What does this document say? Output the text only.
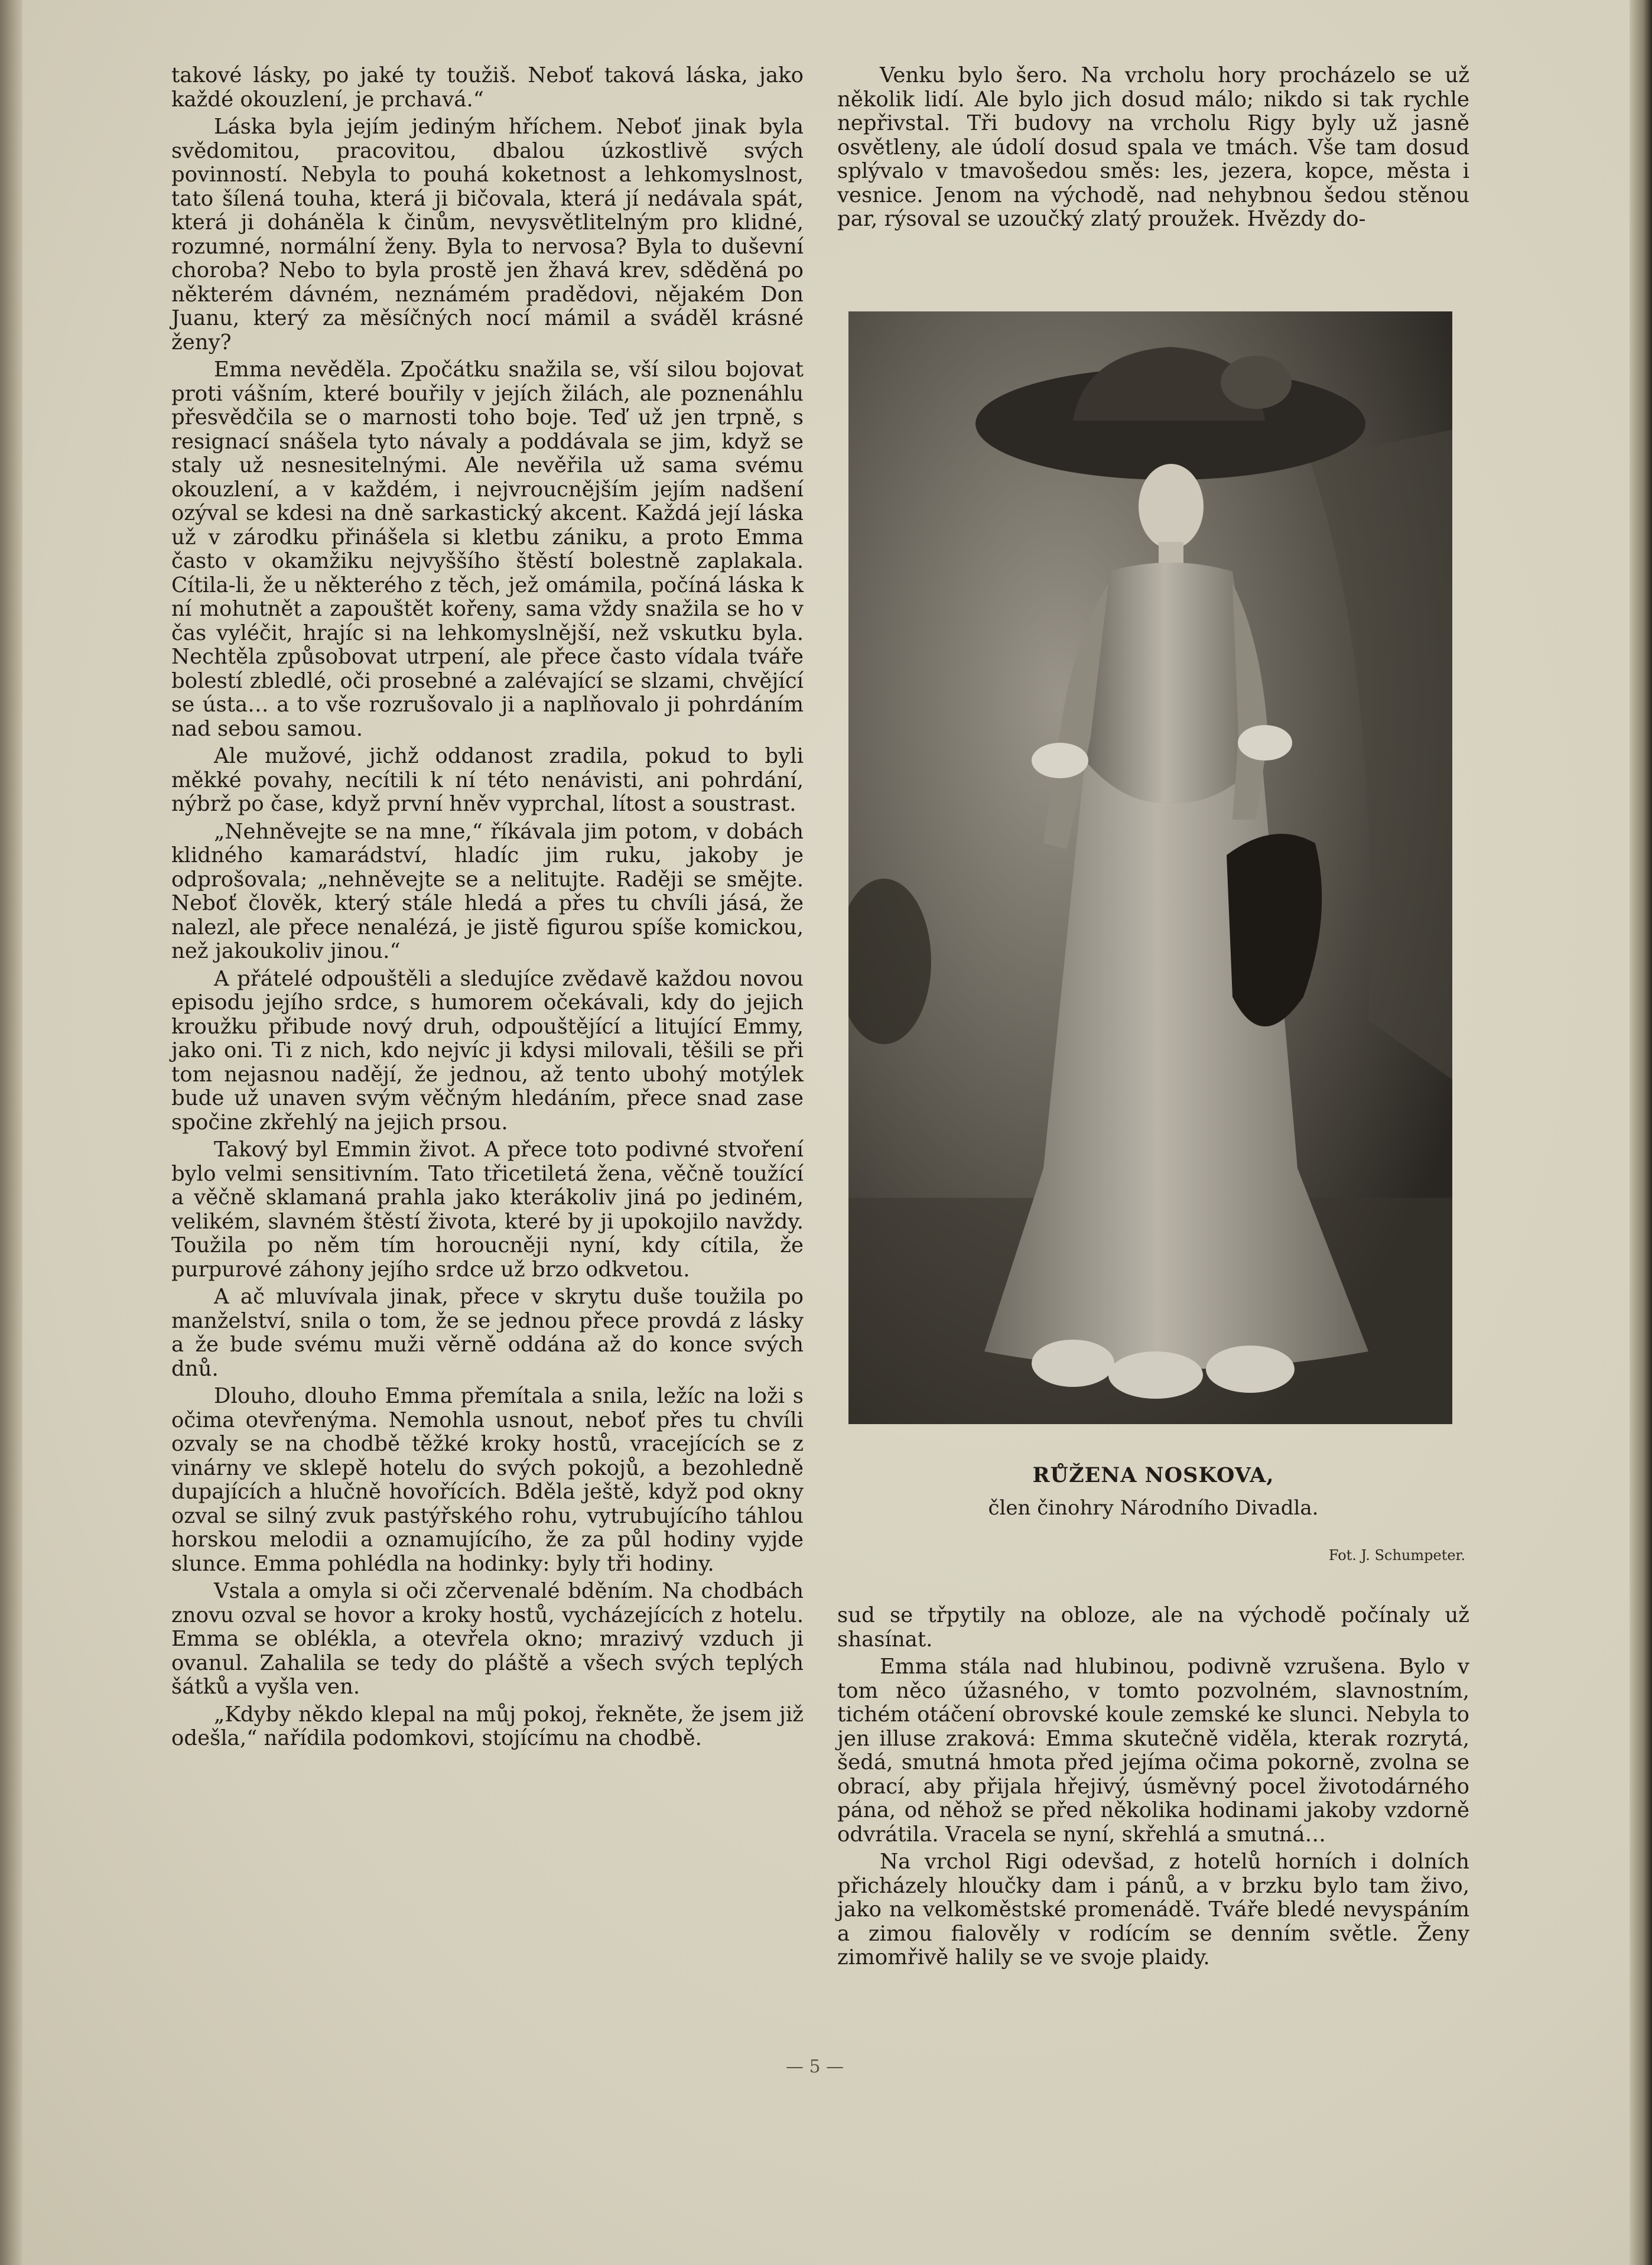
takové lásky, po jaké ty toužiš. Neboť taková láska, jako každé okouzlení, je prchavá.“

Láska byla jejím jediným hříchem. Neboť jinak byla svědomitou, pracovitou, dbalou úzkostlivě svých povinností. Nebyla to pouhá koketnost a lehkomyslnost, tato šílená touha, která ji bičovala, která jí nedávala spát, která ji doháněla k činům, nevysvětlitelným pro klidné, rozumné, normální ženy. Byla to nervosa? Byla to duševní choroba? Nebo to byla prostě jen žhavá krev, sděděná po některém dávném, neznámém pradědovi, nějakém Don Juanu, který za měsíčných nocí mámil a sváděl krásné ženy?

Emma nevěděla. Zpočátku snažila se, vší silou bojovat proti vášním, které bouřily v jejích žilách, ale poznenáhlu přesvědčila se o marnosti toho boje. Teď už jen trpně, s resignací snášela tyto návaly a poddávala se jim, když se staly už nesnesitelnými. Ale nevěřila už samа svému okouzlení, a v každém, i nejvroucnějším jejím nadšení ozýval se kdesi na dně sarkastický akcent. Každá její láska už v zárodku přinášela si kletbu zániku, a proto Emma často v okamžiku nejvyššího štěstí bolestně zaplakala. Cítila-li, že u některého z těch, jež omámila, počíná láska k ní mohutnět a zapouštět kořeny, sama vždy snažila se ho v čas vyléčit, hrajíc si na lehkomyslnější, než vskutku byla. Nechtěla způsobovat utrpení, ale přece často vídala tváře bolestí zbledlé, oči prosebné a zalévající se slzami, chvějící se ústa… a to vše rozrušovalo ji a naplňovalo ji pohrdáním nad sebou samou.

Ale mužové, jichž oddanost zradila, pokud to byli měkké povahy, necítili k ní této nenávisti, ani pohrdání, nýbrž po čase, když první hněv vyprchal, lítost a soustrast.

„Nehněvejte se na mne,“ říkávala jim potom, v dobách klidného kamarádství, hladíc jim ruku, jakoby je odprošovala; „nehněvejte se a nelitujte. Raději se smějte. Neboť člověk, který stále hledá a přes tu chvíli jásá, že nalezl, ale přece nenalézá, je jistě figurou spíše komickou, než jakoukoliv jinou.“

A přátelé odpouštěli a sledujíce zvědavě každou novou episodu jejího srdce, s humorem očekávali, kdy do jejich kroužku přibude nový druh, odpouštějící a litující Emmy, jako oni. Ti z nich, kdo nejvíc ji kdysi milovali, těšili se při tom nejasnou nadějí, že jednou, až tento ubohý motýlek bude už unaven svým věčným hledáním, přece snad zase spočine zkřehlý na jejich prsou.

Takový byl Emmin život. A přece toto podivné stvoření bylo velmi sensitivním. Tato třicetiletá žena, věčně toužící a věčně sklamaná prahla jako kterákoliv jiná po jediném, velikém, slavném štěstí života, které by ji upokojilo navždy. Toužila po něm tím horoucněji nyní, kdy cítila, že purpurové záhony jejího srdce už brzo odkvetou.

A ač mluvívala jinak, přece v skrytu duše toužila po manželství, snila o tom, že se jednou přece provdá z lásky a že bude svému muži věrně oddána až do konce svých dnů.

Dlouho, dlouho Emma přemítala a snila, ležíc na loži s očima otevřenýma. Nemohla usnout, neboť přes tu chvíli ozvaly se na chodbě těžké kroky hostů, vracejících se z vinárny ve sklepě hotelu do svých pokojů, a bezohledně dupajících a hlučně hovořících. Bděla ještě, když pod okny ozval se silný zvuk pastýřského rohu, vytrubujícího táhlou horskou melodii a oznamujícího, že za půl hodiny vyjde slunce. Emma pohlédla na hodinky: byly tři hodiny.

Vstala a omyla si oči zčervenalé bděním. Na chodbách znovu ozval se hovor a kroky hostů, vycházejících z hotelu. Emma se oblékla, a otevřela okno; mrazivý vzduch ji ovanul. Zahalila se tedy do pláště a všech svých teplých šátků a vyšla ven.

„Kdyby někdo klepal na můj pokoj, řekněte, že jsem již odešla,“ nařídila podomkovi, stojícímu na chodbě.

Venku bylo šero. Na vrcholu hory procházelo se už několik lidí. Ale bylo jich dosud málo; nikdo si tak rychle nepřivstal. Tři budovy na vrcholu Rigy byly už jasně osvětleny, ale údolí dosud spala ve tmách. Vše tam dosud splývalo v tmavošedou směs: les, jezera, kopce, města i vesnice. Jenom na východě, nad nehybnou šedou stěnou par, rýsoval se uzoučký zlatý proužek. Hvězdy do-

RŮŽENA NOSKOVA,
člen činohry Národního Divadla.
Fot. J. Schumpeter.

sud se třpytily na obloze, ale na východě počínaly už shasínat.

Emma stála nad hlubinou, podivně vzrušena. Bylo v tom něco úžasného, v tomto pozvolném, slavnostním, tichém otáčení obrovské koule zemské ke slunci. Nebyla to jen illuse zraková: Emma skutečně viděla, kterak rozrytá, šedá, smutná hmota před jejíma očima pokorně, zvolna se obrací, aby přijala hřejivý, úsměvný pocel životodárného pána, od něhož se před několika hodinami jakoby vzdorně odvrátila. Vracela se nyní, skřehlá a smutná…

Na vrchol Rigi odevšad, z hotelů horních i dolních přicházely hloučky dam i pánů, a v brzku bylo tam živo, jako na velkoměstské promenádě. Tváře bledé nevyspáním a zimou fialověly v rodícím se denním světle. Ženy zimomřivě halily se ve svoje plaidy.

— 5 —
